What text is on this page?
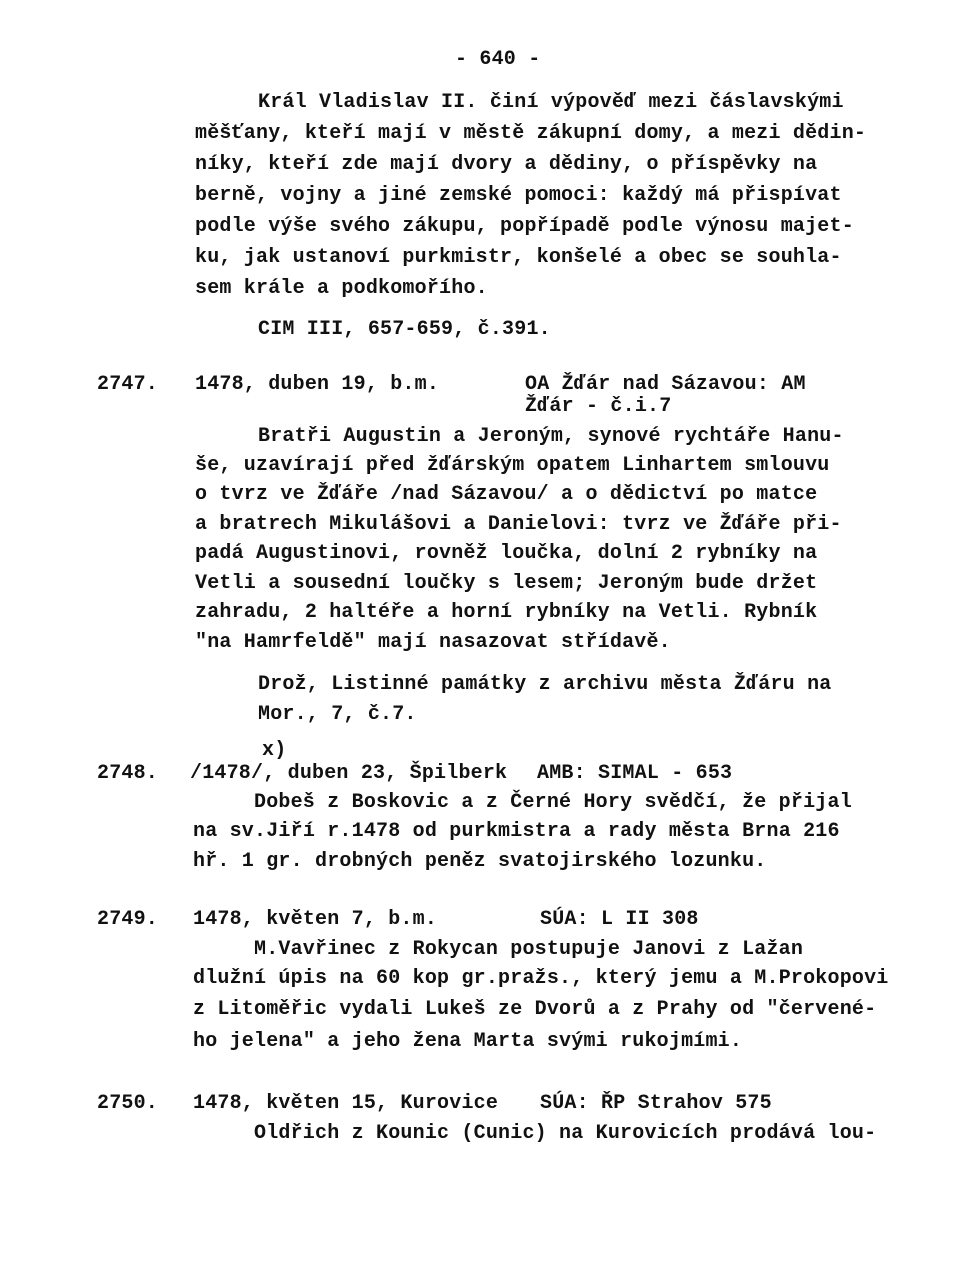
- 640 -
Král Vladislav II. činí výpověď mezi čáslavskými
měšťany, kteří mají v městě zákupní domy, a mezi dědin-
níky, kteří zde mají dvory a dědiny, o příspěvky na
berně, vojny a jiné zemské pomoci: každý má přispívat
podle výše svého zákupu, popřípadě podle výnosu majet-
ku, jak ustanoví purkmistr, konšelé a obec se souhla-
sem krále a podkomořího.
CIM III, 657-659, č.391.
2747. 1478, duben 19, b.m.	OA Žďár nad Sázavou: AM
Žďár - č.i.7
Bratři Augustin a Jeroným, synové rychtáře Hanu-
še, uzavírají před žďárským opatem Linhartem smlouvu
o tvrz ve Žďáře /nad Sázavou/ a o dědictví po matce
a bratrech Mikulášovi a Danielovi: tvrz ve Žďáře při-
padá Augustinovi, rovněž loučka, dolní 2 rybníky na
Vetli a sousední loučky s lesem; Jeroným bude držet
zahradu, 2 haltéře a horní rybníky na Vetli. Rybník
"na Hamrfeldě" mají nasazovat střídavě.
Drož, Listinné památky z archivu města Žďáru na
Mor., 7, č.7.
x)
2748. /1478/, duben 23, Špilberk AMB: SIMAL - 653
Dobeš z Boskovic a z Černé Hory svědčí, že přijal
na sv.Jiří r.1478 od purkmistra a rady města Brna 216
hř. 1 gr. drobných peněz svatojirského lozunku.
2749. 1478, květen 7, b.m.	SÚA: L II 308
M.Vavřinec z Rokycan postupuje Janovi z Lažan
dlužní úpis na 60 kop gr.pražs., který jemu a M.Prokopovi
z Litoměřic vydali Lukeš ze Dvorů a z Prahy od "červené-
ho jelena" a jeho žena Marta svými rukojmími.
2750. 1478, květen 15, Kurovice SÚA: ŘP Strahov 575
Oldřich z Kounic (Cunic) na Kurovicích prodává lou-
